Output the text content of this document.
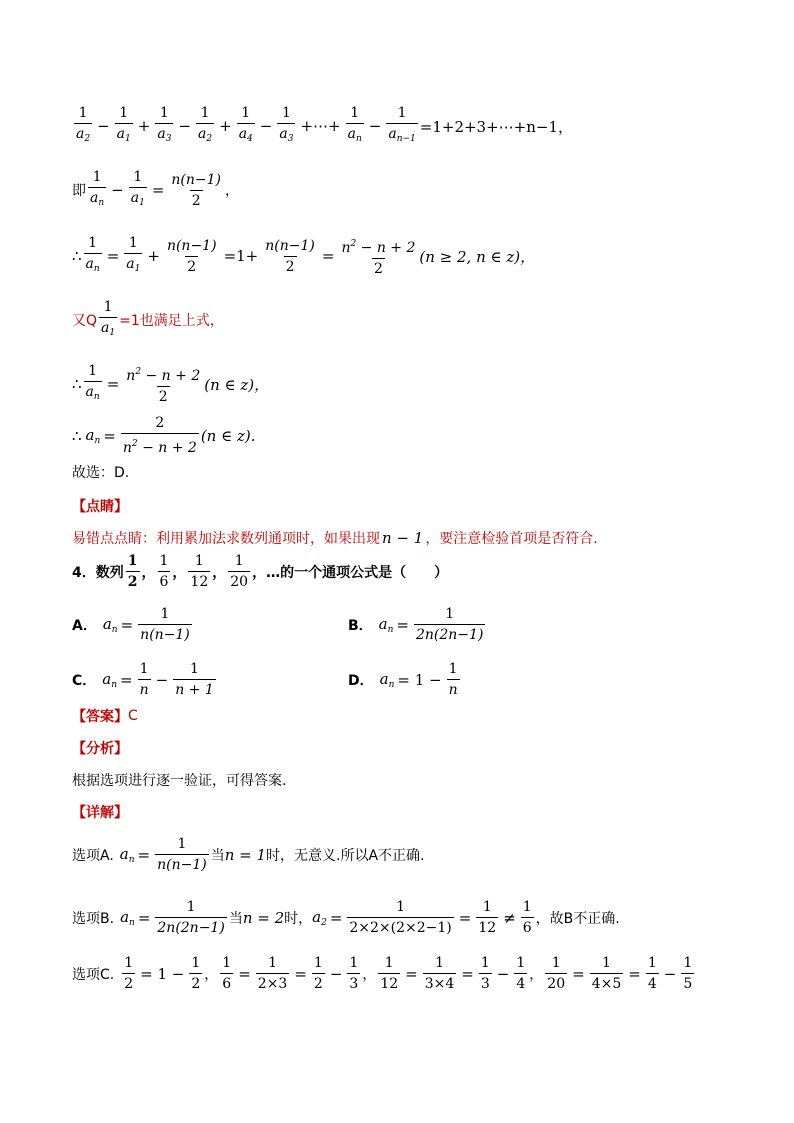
$\frac{1}{a_2} - \frac{1}{a_1} + \frac{1}{a_3} - \frac{1}{a_2} + \frac{1}{a_4} - \frac{1}{a_3}$ +⋯+ $\frac{1}{a_n} - \frac{1}{a_{n-1}}$ =1+2+3+⋯+n−1，
即 $\frac{1}{a_n} - \frac{1}{a_1} = \frac{n(n-1)}{2}$ ，
∴ $\frac{1}{a_n} = \frac{1}{a_1} + \frac{n(n-1)}{2} =1+ \frac{n(n-1)}{2} = \frac{n^2 - n + 2}{2} (n \ge 2$, n ∈ z)，
又Q $\frac{1}{a_1} =1$也满足上式，
∴ $\frac{1}{a_n} = \frac{n^2 - n + 2}{2} (n$ ∈ z)，
∴ $a_n = \frac{2}{n^2 - n + 2} (n$ ∈ z).
故选：D.
【点睛】
易错点点睛：利用累加法求数列通项时，如果出现 n − 1 ，要注意检验首项是否符合.
4．数列 $\frac{1}{2}$ ， $\frac{1}{6}$ ， $\frac{1}{12}$ ， $\frac{1}{20}$ ，…的一个通项公式是（　　）
A． $a_n = \frac{1}{n(n-1)}$	B． $a_n = \frac{1}{2n(2n-1)}$
C． $a_n = \frac{1}{n} - \frac{1}{n + 1}$	D． $a_n = 1 - \frac{1}{n}$
【答案】 C
【分析】
根据选项进行逐一验证，可得答案.
【详解】
选项A. $a_n = \frac{1}{n(n-1)}$ 当 n = 1 时，无意义.所以A不正确.
选项B. $a_n = \frac{1}{2n(2n-1)}$ 当 n = 2 时， $a_2 = \frac{1}{2\times 2\times(2\times 2-1)} = \frac{1}{12} \ne \frac{1}{6}$ ，故B不正确.
选项C. $\frac{1}{2} = 1 - \frac{1}{2}$ ， $\frac{1}{6} = \frac{1}{2\times 3} = \frac{1}{2} - \frac{1}{3}$ ， $\frac{1}{12} = \frac{1}{3\times 4} = \frac{1}{3} - \frac{1}{4}$ ， $\frac{1}{20} = \frac{1}{4\times 5} = \frac{1}{4} - \frac{1}{5}$
